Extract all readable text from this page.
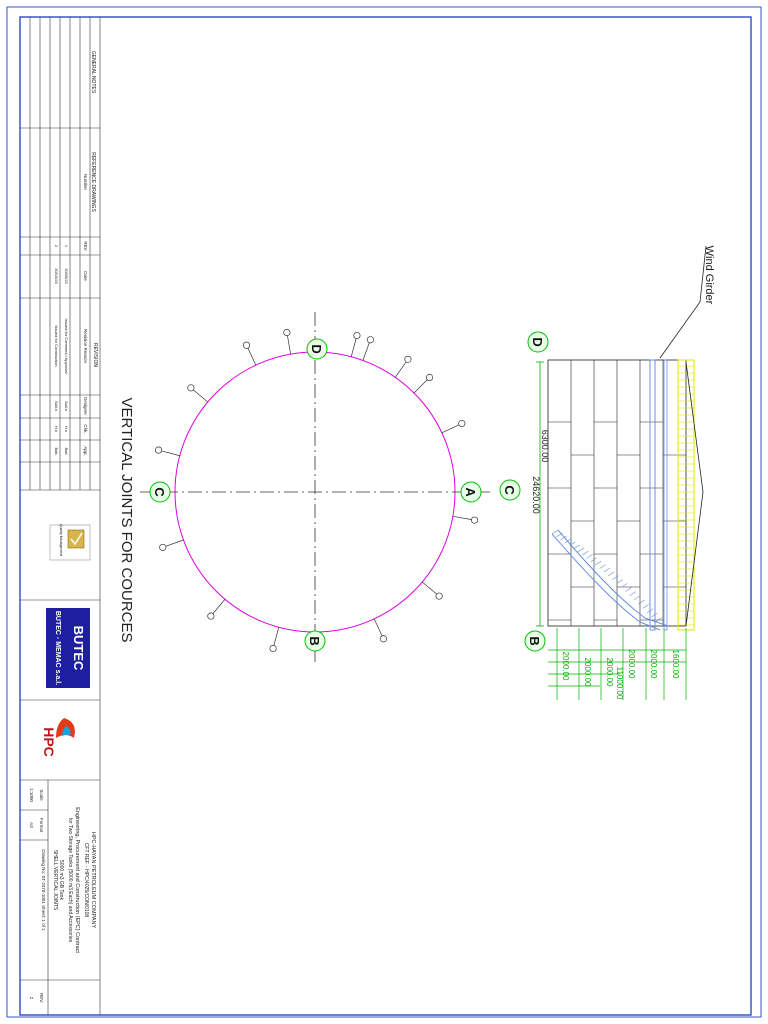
GENERAL NOTES
REFERENCE DRAWINGS
Number
REVISION
REV
Date
Revision Reason
Designer
Chk.
App.
1
30/09/20
Issued for Comment / Approval
Sali.n
H.n
Batt
2
30/10/20
Issued for Construction
Sali.n
H.n
Batt
Quality Management
BUTEC
BUTEC - MEMAC s.a.l.
HPC
HPC-HAYAN PETROLEUM COMPANY
CFT REF. - HPC/4025/CON/0108
Engineering, Procurement and Construction (EPC) Contract
for Two Storage Tanks (5000 m3 Each) and Accessories
5000 m3 GB Tank
SHELL VERTICAL JOINTS
Drawing No: ST-2470-1001 Sheet: 1 of 1
Scale
1:1000
Format
A3
REV.
2
VERTICAL JOINTS FOR COURCES
D
A
C
B
Wind Girder
D
C
B
6300.00
24620.00
1600.00
2000.00
2000.00
2000.00 11000.00
2000.00
2000.00
